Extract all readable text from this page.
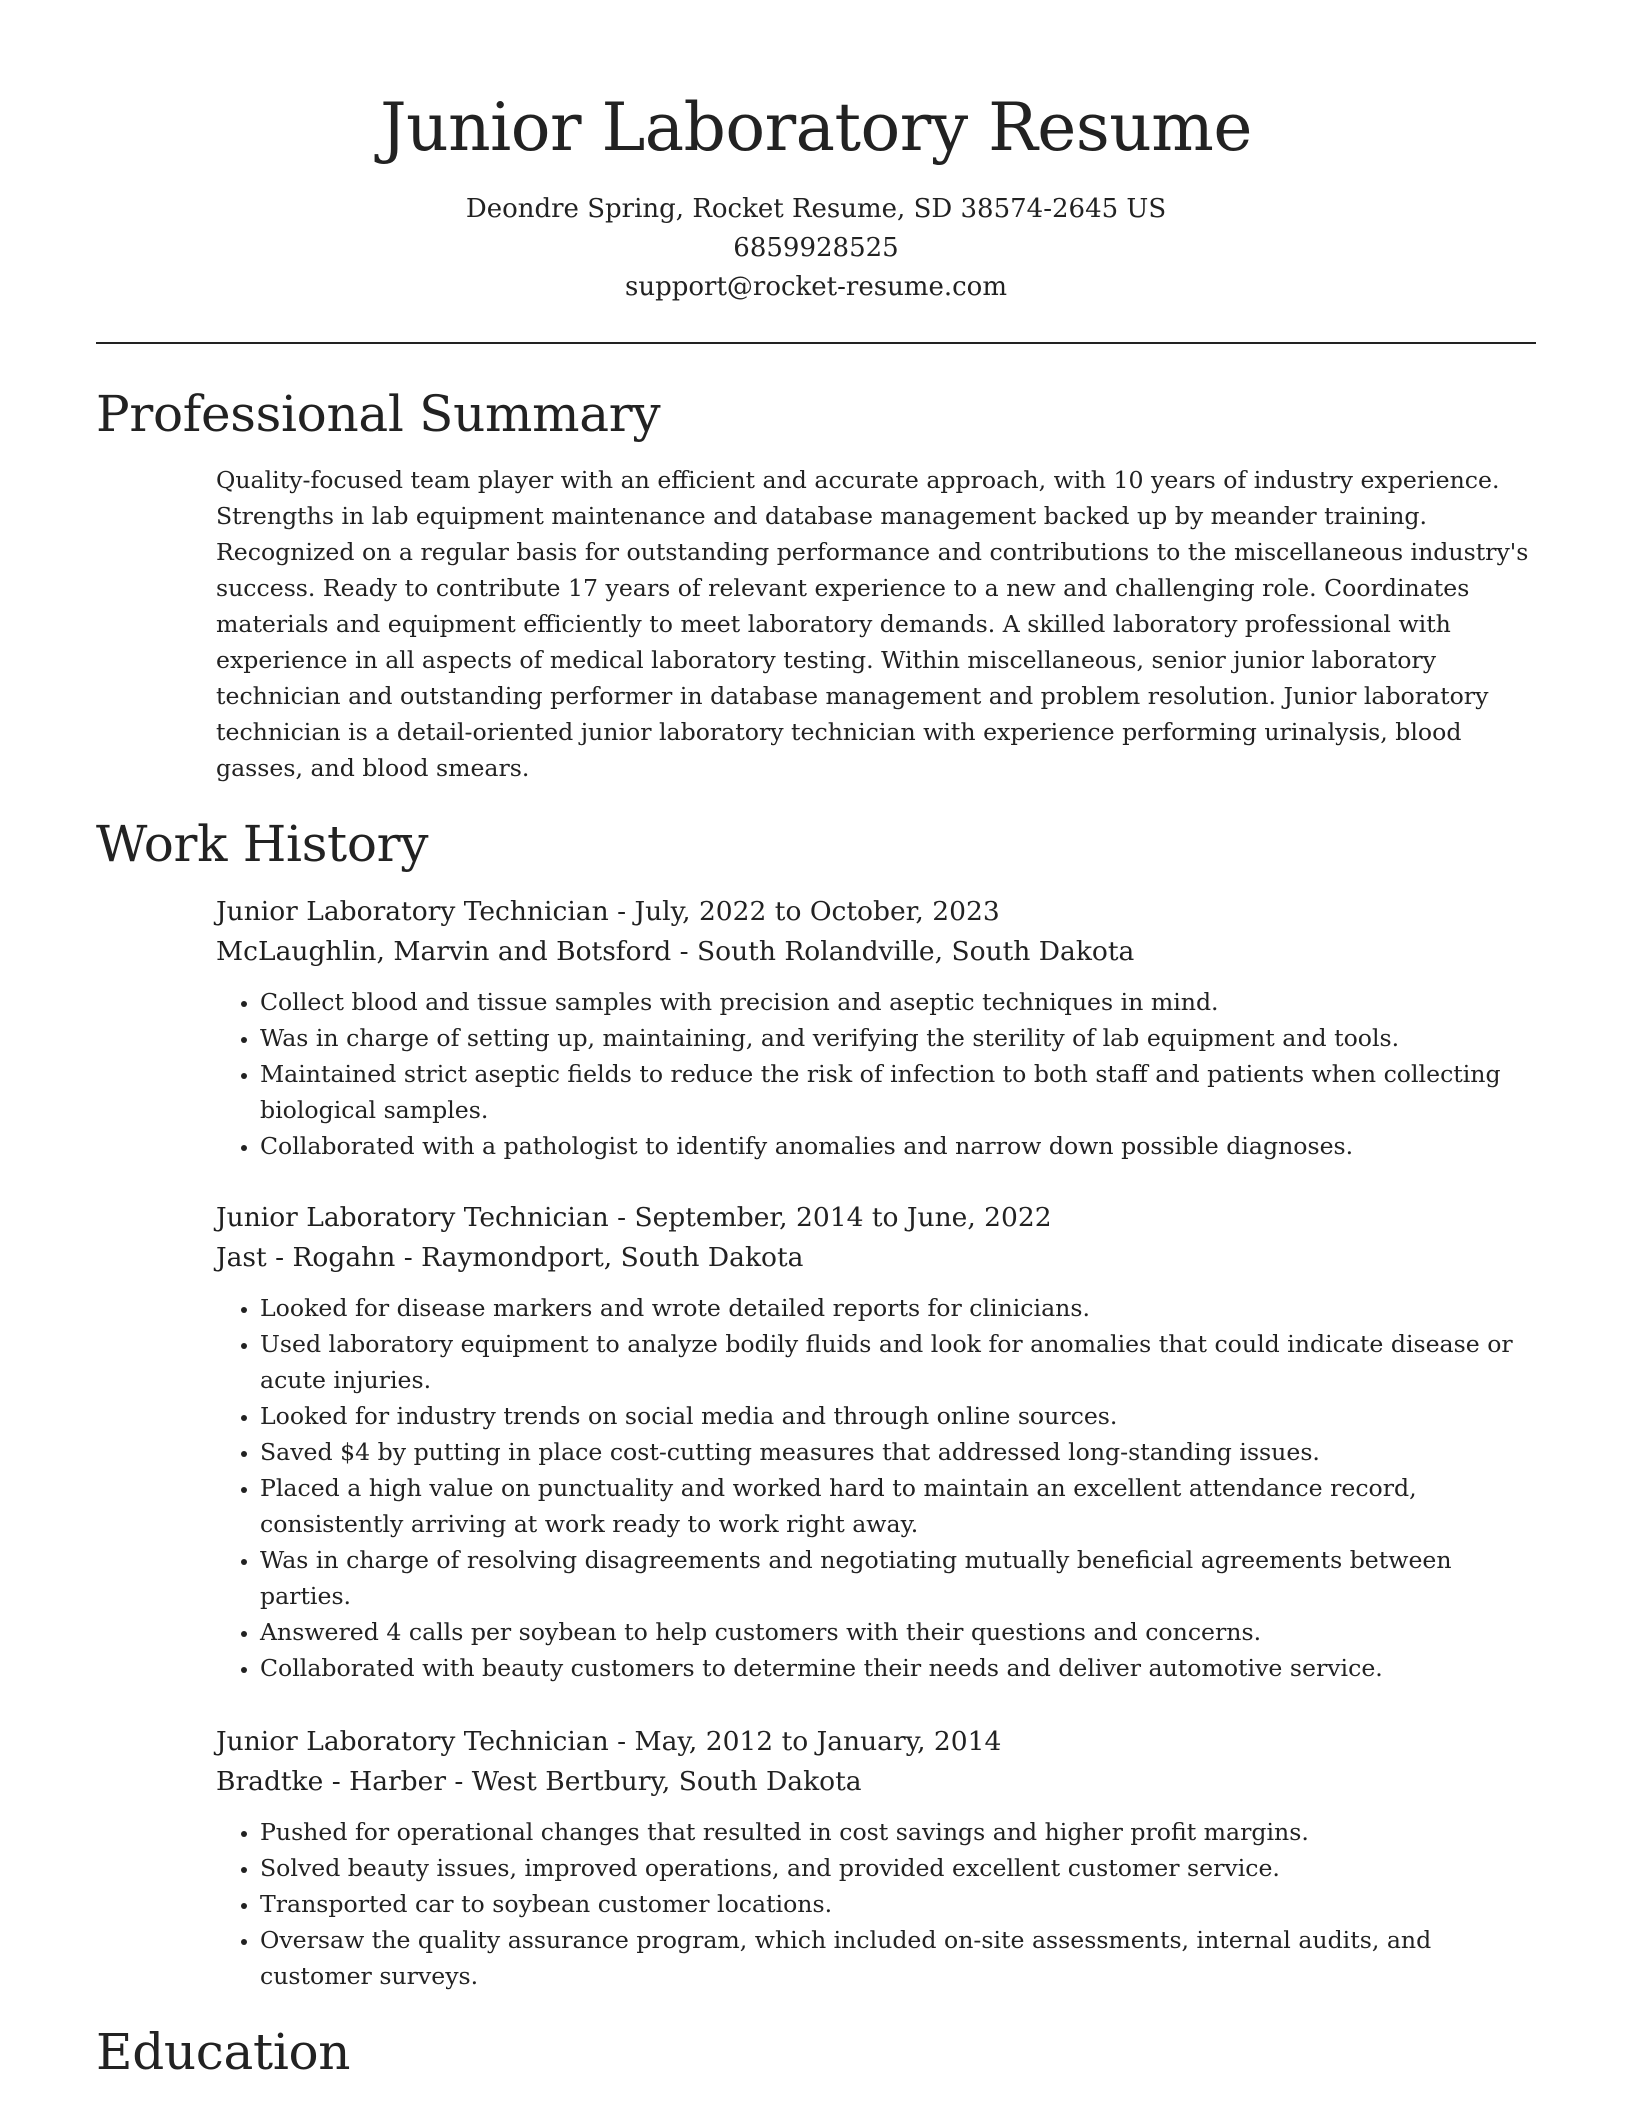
Junior Laboratory Resume
Deondre Spring, Rocket Resume, SD 38574-2645 US
6859928525
support@rocket-resume.com
Professional Summary

Quality-focused team player with an efficient and accurate approach, with 10 years of industry experience. Strengths in lab equipment maintenance and database management backed up by meander training. Recognized on a regular basis for outstanding performance and contributions to the miscellaneous industry's success. Ready to contribute 17 years of relevant experience to a new and challenging role. Coordinates materials and equipment efficiently to meet laboratory demands. A skilled laboratory professional with experience in all aspects of medical laboratory testing. Within miscellaneous, senior junior laboratory technician and outstanding performer in database management and problem resolution. Junior laboratory technician is a detail-oriented junior laboratory technician with experience performing urinalysis, blood gasses, and blood smears.

Work History
Junior Laboratory Technician - July, 2022 to October, 2023
McLaughlin, Marvin and Botsford - South Rolandville, South Dakota
• Collect blood and tissue samples with precision and aseptic techniques in mind.
• Was in charge of setting up, maintaining, and verifying the sterility of lab equipment and tools.
• Maintained strict aseptic fields to reduce the risk of infection to both staff and patients when collecting biological samples.
• Collaborated with a pathologist to identify anomalies and narrow down possible diagnoses.
Junior Laboratory Technician - September, 2014 to June, 2022
Jast - Rogahn - Raymondport, South Dakota
• Looked for disease markers and wrote detailed reports for clinicians.
• Used laboratory equipment to analyze bodily fluids and look for anomalies that could indicate disease or acute injuries.
• Looked for industry trends on social media and through online sources.
• Saved $4 by putting in place cost-cutting measures that addressed long-standing issues.
• Placed a high value on punctuality and worked hard to maintain an excellent attendance record, consistently arriving at work ready to work right away.
• Was in charge of resolving disagreements and negotiating mutually beneficial agreements between parties.
• Answered 4 calls per soybean to help customers with their questions and concerns.
• Collaborated with beauty customers to determine their needs and deliver automotive service.
Junior Laboratory Technician - May, 2012 to January, 2014
Bradtke - Harber - West Bertbury, South Dakota
• Pushed for operational changes that resulted in cost savings and higher profit margins.
• Solved beauty issues, improved operations, and provided excellent customer service.
• Transported car to soybean customer locations.
• Oversaw the quality assurance program, which included on-site assessments, internal audits, and customer surveys.
Education
